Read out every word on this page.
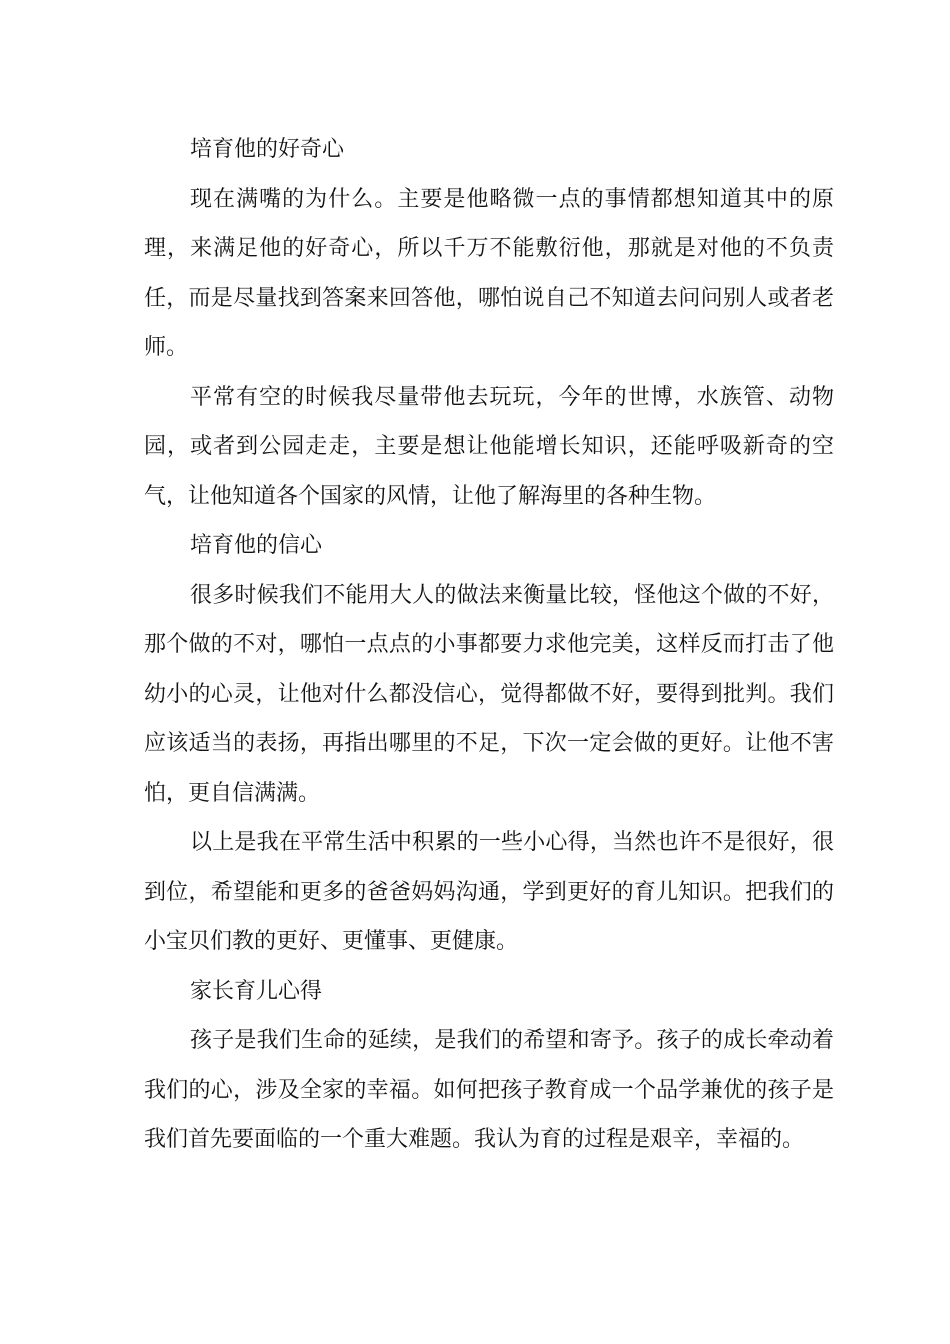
培育他的好奇心

现在满嘴的为什么。主要是他略微一点的事情都想知道其中的原理，来满足他的好奇心，所以千万不能敷衍他，那就是对他的不负责任，而是尽量找到答案来回答他，哪怕说自己不知道去问问别人或者老师。

平常有空的时候我尽量带他去玩玩，今年的世博，水族管、动物园，或者到公园走走，主要是想让他能增长知识，还能呼吸新奇的空气，让他知道各个国家的风情，让他了解海里的各种生物。

培育他的信心

很多时候我们不能用大人的做法来衡量比较，怪他这个做的不好，那个做的不对，哪怕一点点的小事都要力求他完美，这样反而打击了他幼小的心灵，让他对什么都没信心，觉得都做不好，要得到批判。我们应该适当的表扬，再指出哪里的不足，下次一定会做的更好。让他不害怕，更自信满满。

以上是我在平常生活中积累的一些小心得，当然也许不是很好，很到位，希望能和更多的爸爸妈妈沟通，学到更好的育儿知识。把我们的小宝贝们教的更好、更懂事、更健康。

家长育儿心得

孩子是我们生命的延续，是我们的希望和寄予。孩子的成长牵动着我们的心，涉及全家的幸福。如何把孩子教育成一个品学兼优的孩子是我们首先要面临的一个重大难题。我认为育的过程是艰辛，幸福的。
